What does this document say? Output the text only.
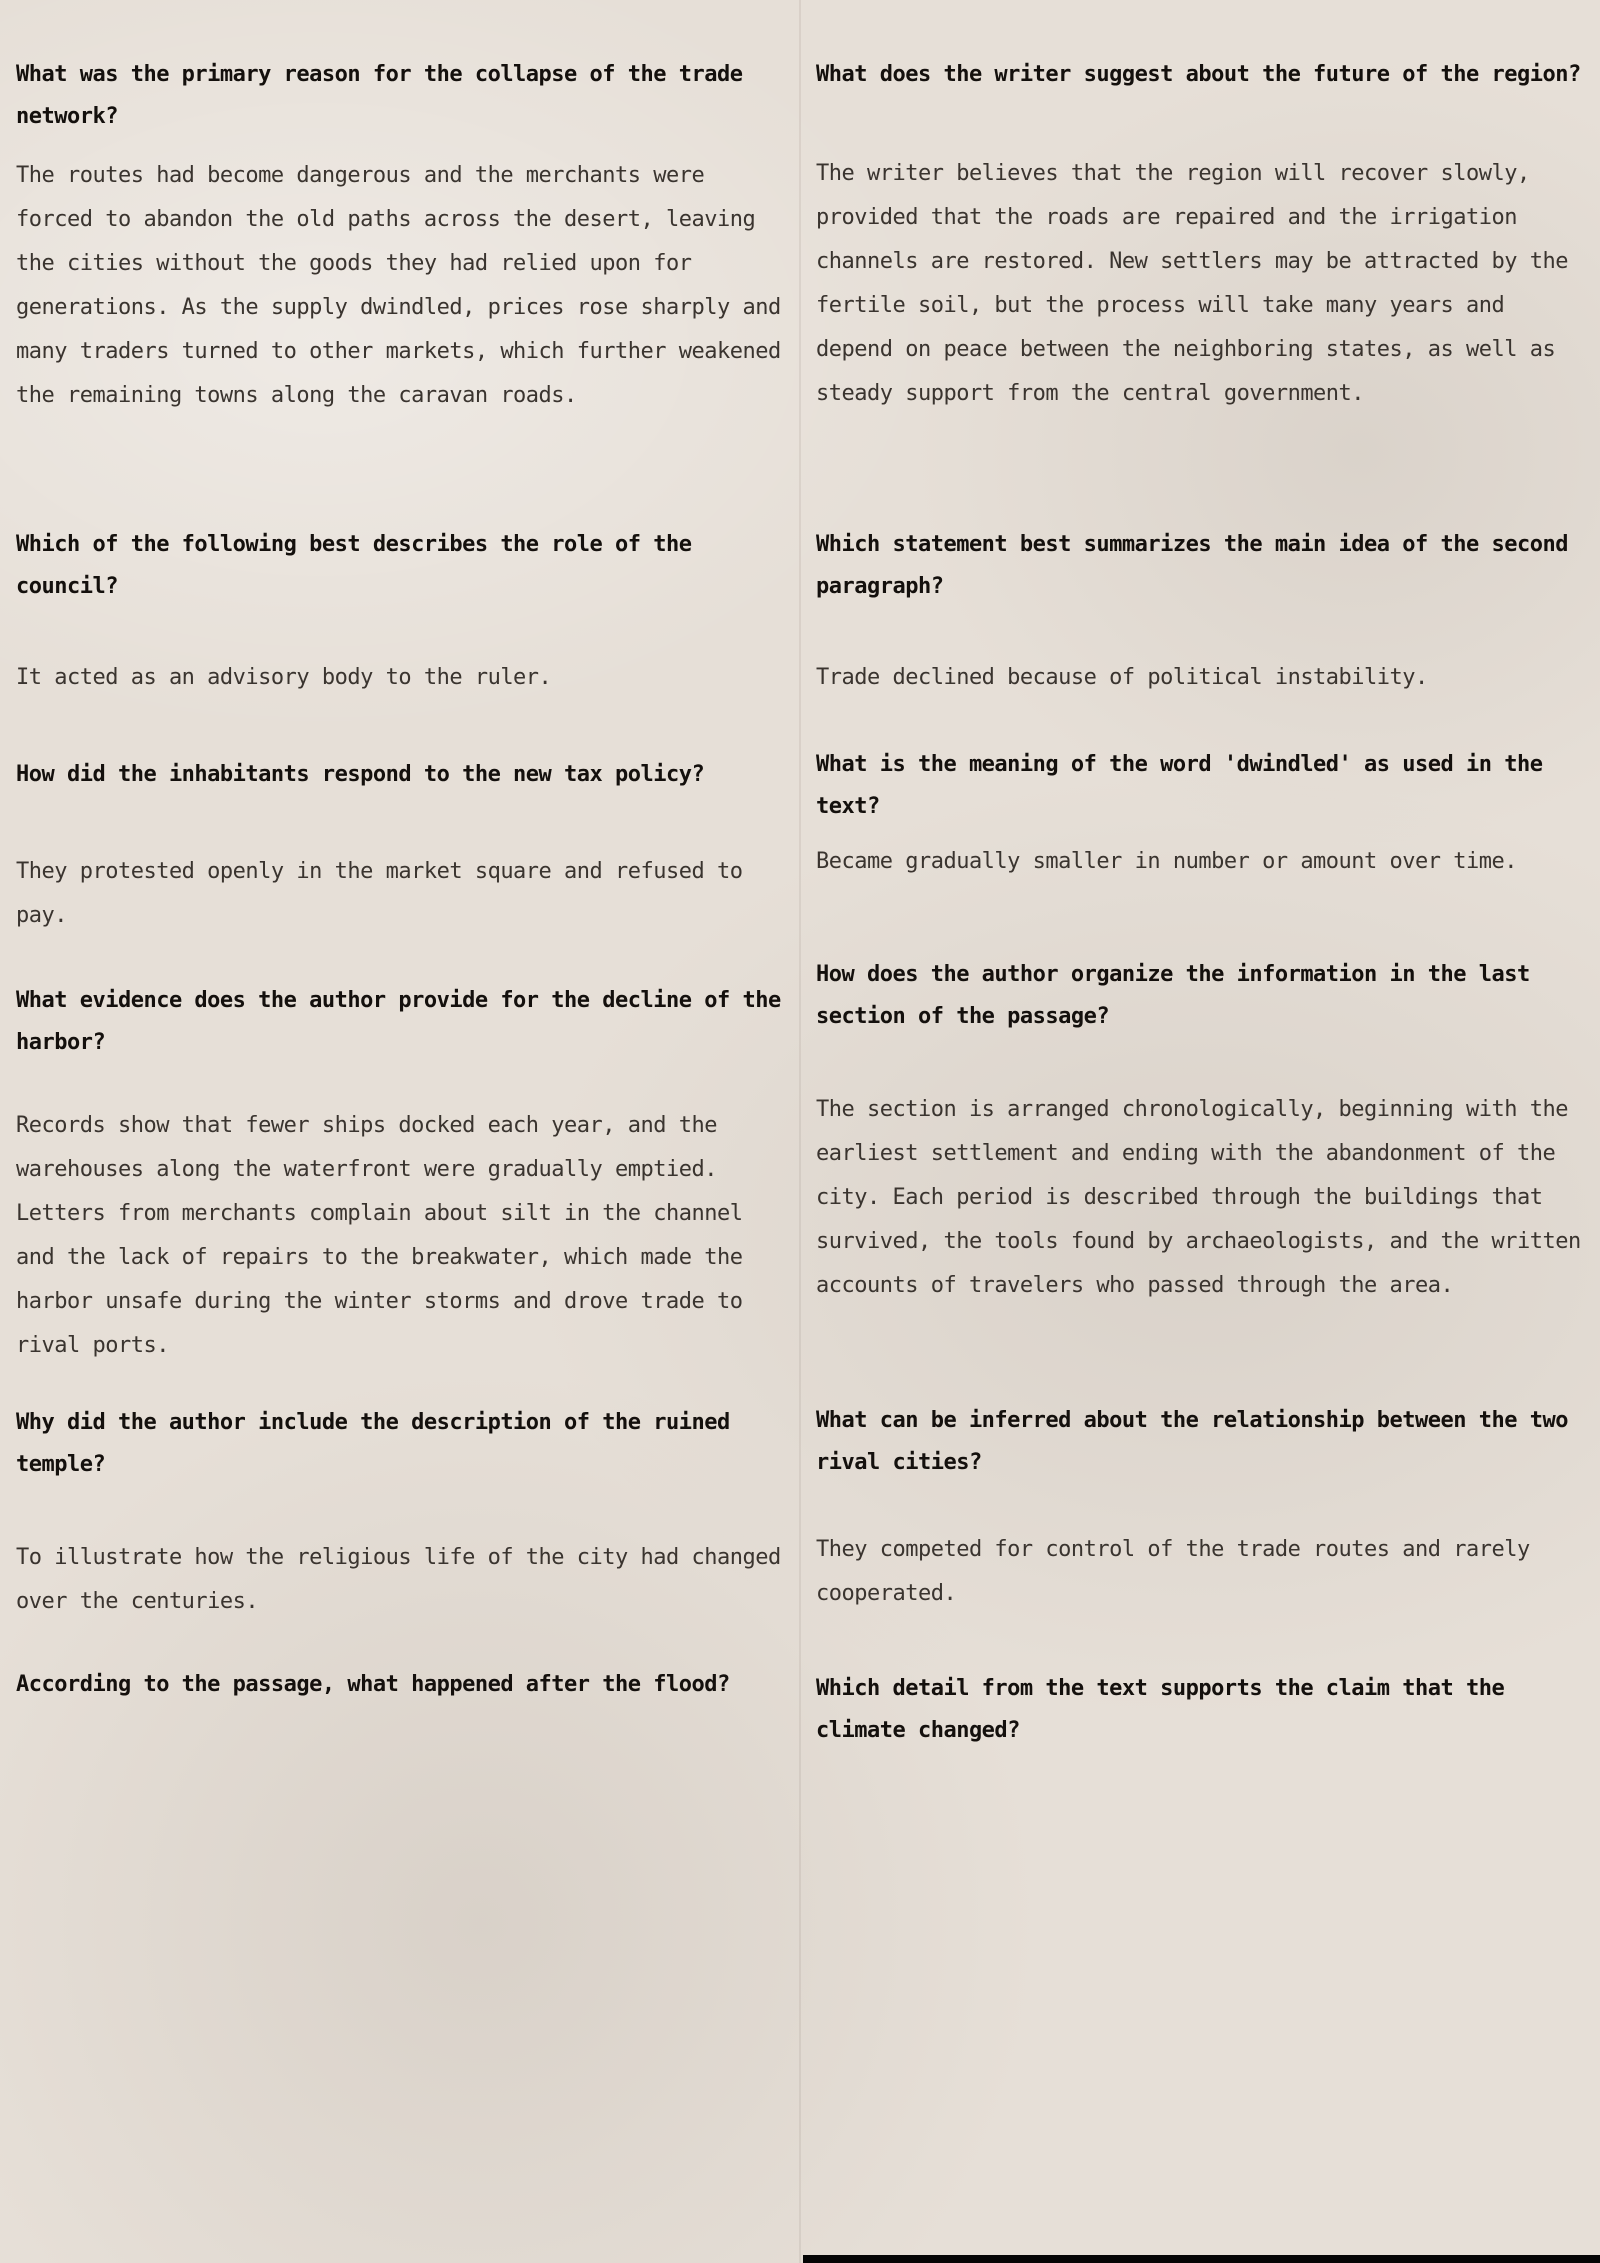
What was the primary reason for the collapse of the trade network?

The routes had become dangerous and the merchants were forced to abandon the old paths across the desert, leaving the cities without the goods they had relied upon for generations. As the supply dwindled, prices rose sharply and many traders turned to other markets, which further weakened the remaining towns along the caravan roads.

Which of the following best describes the role of the council?

It acted as an advisory body to the ruler.

How did the inhabitants respond to the new tax policy?

They protested openly in the market square and refused to pay.

What evidence does the author provide for the decline of the harbor?

Records show that fewer ships docked each year, and the warehouses along the waterfront were gradually emptied. Letters from merchants complain about silt in the channel and the lack of repairs to the breakwater, which made the harbor unsafe during the winter storms and drove trade to rival ports.

Why did the author include the description of the ruined temple?

To illustrate how the religious life of the city had changed over the centuries.

According to the passage, what happened after the flood?

What does the writer suggest about the future of the region?

The writer believes that the region will recover slowly, provided that the roads are repaired and the irrigation channels are restored. New settlers may be attracted by the fertile soil, but the process will take many years and depend on peace between the neighboring states, as well as steady support from the central government.

Which statement best summarizes the main idea of the second paragraph?

Trade declined because of political instability.

What is the meaning of the word 'dwindled' as used in the text?

Became gradually smaller in number or amount over time.

How does the author organize the information in the last section of the passage?

The section is arranged chronologically, beginning with the earliest settlement and ending with the abandonment of the city. Each period is described through the buildings that survived, the tools found by archaeologists, and the written accounts of travelers who passed through the area.

What can be inferred about the relationship between the two rival cities?

They competed for control of the trade routes and rarely cooperated.

Which detail from the text supports the claim that the climate changed?
